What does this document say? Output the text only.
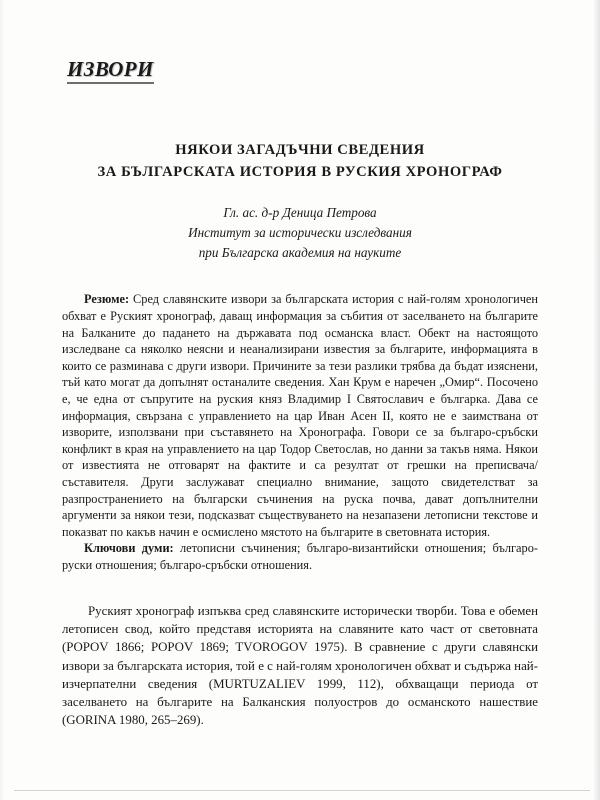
ИЗВОРИ
НЯКОИ ЗАГАДЪЧНИ СВЕДЕНИЯ
ЗА БЪЛГАРСКАТА ИСТОРИЯ В РУСКИЯ ХРОНОГРАФ
Гл. ас. д-р Деница Петрова
Институт за исторически изследвания
при Българска академия на науките

Резюме: Сред славянските извори за българската история с най-голям хронологичен обхват е Руският хронограф, даващ информация за събития от заселването на българите на Балканите до падането на държавата под османска власт. Обект на настоящото изследване са няколко неясни и неанализирани известия за българите, информацията в които се разминава с други извори. Причините за тези разлики трябва да бъдат изяснени, тъй като могат да допълнят останалите сведения. Хан Крум е наречен „Омир“. Посочено е, че една от съпругите на руския княз Владимир I Святославич е българка. Дава се информация, свързана с управлението на цар Иван Асен II, която не е заимствана от изворите, използвани при съставянето на Хронографа. Говори се за българо-сръбски конфликт в края на управлението на цар Тодор Светослав, но данни за такъв няма. Някои от известията не отговарят на фактите и са резултат от грешки на преписвача/съставителя. Други заслужават специално внимание, защото свидетелстват за разпространението на български съчинения на руска почва, дават допълнителни аргументи за някои тези, подсказват съществуването на незапазени летописни текстове и показват по какъв начин е осмислено мястото на българите в световната история.

Ключови думи: летописни съчинения; българо-византийски отношения; българо-руски отношения; българо-сръбски отношения.

Руският хронограф изпъква сред славянските исторически творби. Това е обемен летописен свод, който представя историята на славяните като част от световната (POPOV 1866; POPOV 1869; TVOROGOV 1975). В сравнение с други славянски извори за българската история, той е с най-голям хронологичен обхват и съдържа най-изчерпателни сведения (MURTUZALIEV 1999, 112), обхващащи периода от заселването на българите на Балканския полуостров до османското нашествие (GORINA 1980, 265–269).
